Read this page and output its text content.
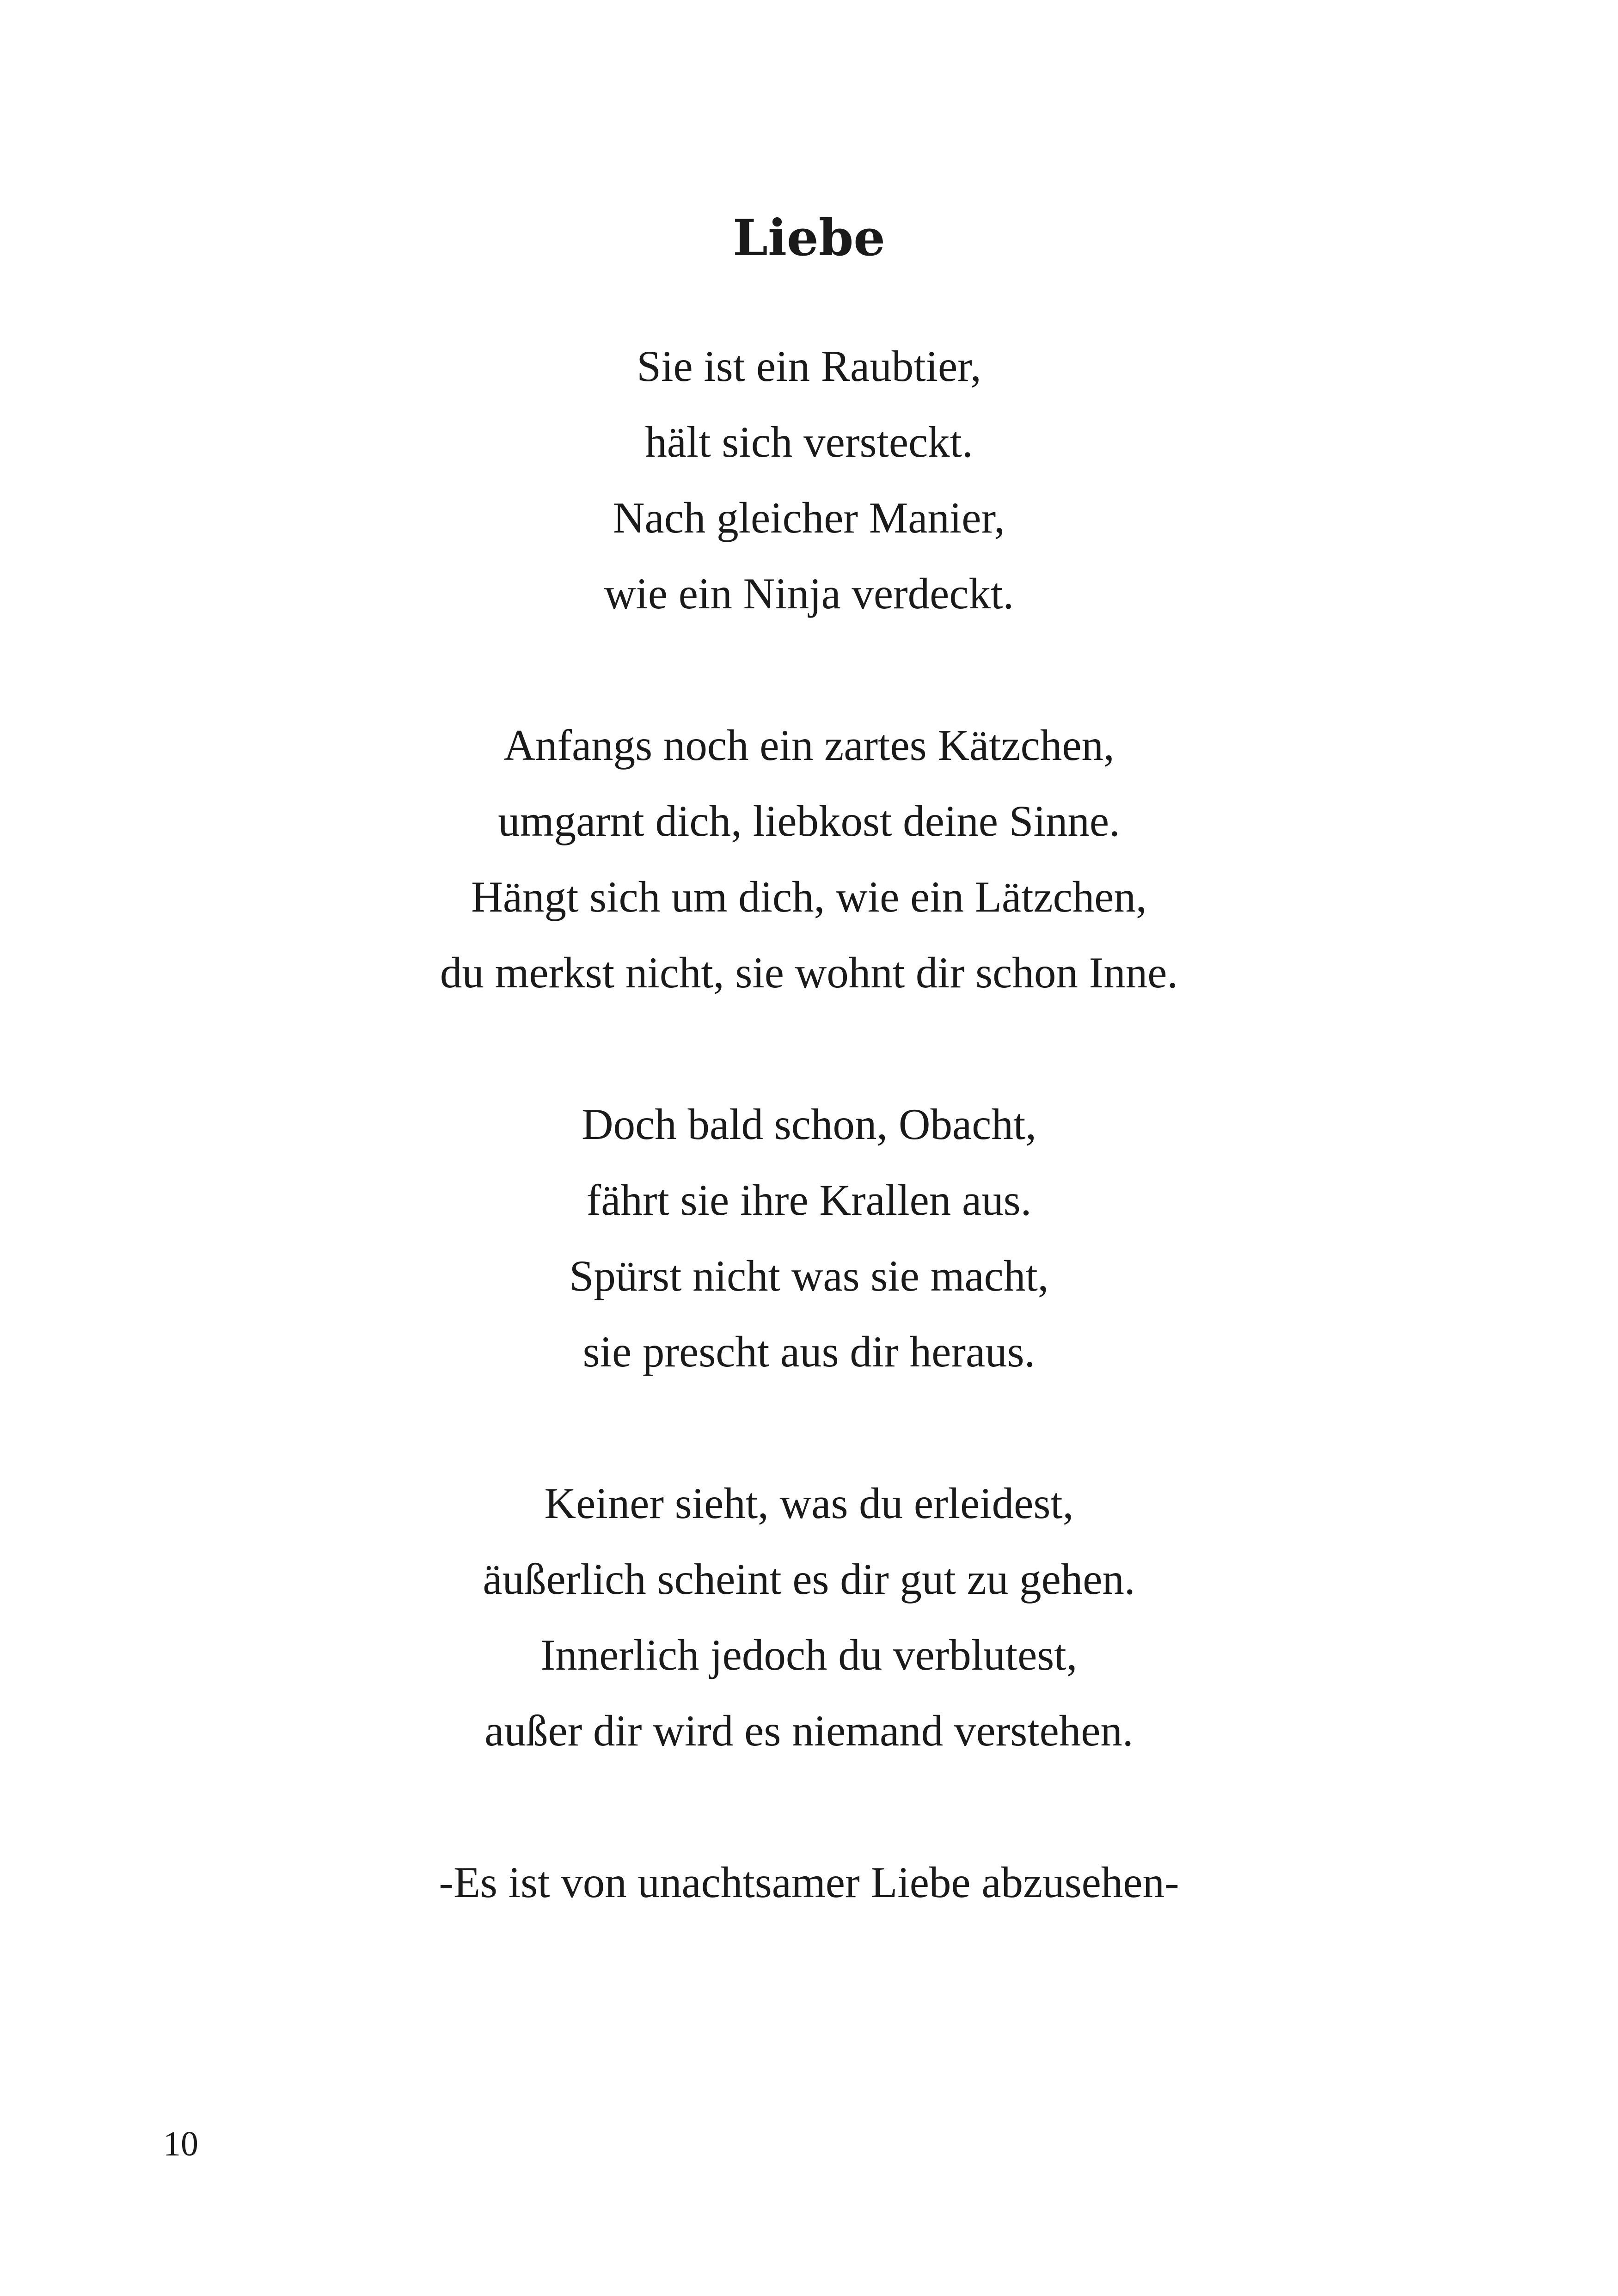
Liebe
Sie ist ein Raubtier,
hält sich versteckt.
Nach gleicher Manier,
wie ein Ninja verdeckt.
Anfangs noch ein zartes Kätzchen,
umgarnt dich, liebkost deine Sinne.
Hängt sich um dich, wie ein Lätzchen,
du merkst nicht, sie wohnt dir schon Inne.
Doch bald schon, Obacht,
fährt sie ihre Krallen aus.
Spürst nicht was sie macht,
sie prescht aus dir heraus.
Keiner sieht, was du erleidest,
äußerlich scheint es dir gut zu gehen.
Innerlich jedoch du verblutest,
außer dir wird es niemand verstehen.
-Es ist von unachtsamer Liebe abzusehen-
10
